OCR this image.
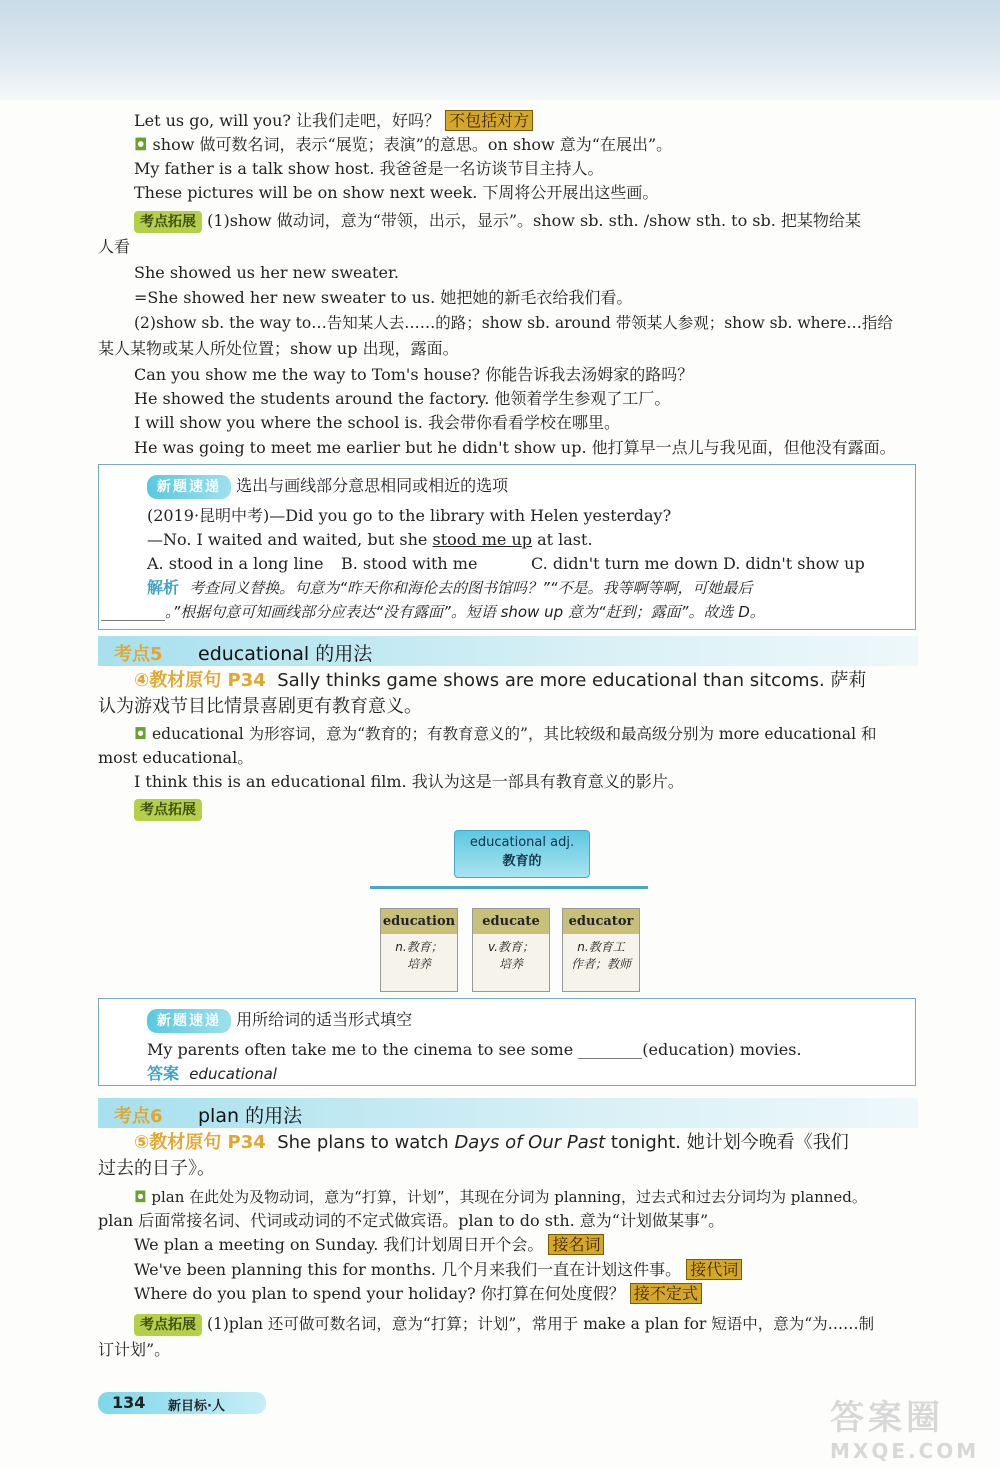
Let us go, will you? 让我们走吧，好吗？ 不包括对方
◘ show 做可数名词，表示“展览；表演”的意思。on show 意为“在展出”。
My father is a talk show host. 我爸爸是一名访谈节目主持人。
These pictures will be on show next week. 下周将公开展出这些画。
考点拓展 (1)show 做动词，意为“带领，出示，显示”。show sb. sth. /show sth. to sb. 把某物给某
人看
She showed us her new sweater.
=She showed her new sweater to us. 她把她的新毛衣给我们看。
(2)show sb. the way to…告知某人去……的路；show sb. around 带领某人参观；show sb. where…指给
某人某物或某人所处位置；show up 出现，露面。
Can you show me the way to Tom's house? 你能告诉我去汤姆家的路吗？
He showed the students around the factory. 他领着学生参观了工厂。
I will show you where the school is. 我会带你看看学校在哪里。
He was going to meet me earlier but he didn't show up. 他打算早一点儿与我见面，但他没有露面。
新题速递 选出与画线部分意思相同或相近的选项
(2019·昆明中考)—Did you go to the library with Helen yesterday?
—No. I waited and waited, but she stood me up at last.
A. stood in a long line B. stood with me	C. didn't turn me down D. didn't show up
解析 考查同义替换。句意为“昨天你和海伦去的图书馆吗？”“不是。我等啊等啊，可她最后
________。”根据句意可知画线部分应表达“没有露面”。短语 show up 意为“赶到；露面”。故选 D。
考点5 educational 的用法
④教材原句 P34 Sally thinks game shows are more educational than sitcoms. 萨莉
认为游戏节目比情景喜剧更有教育意义。
◘ educational 为形容词，意为“教育的；有教育意义的”，其比较级和最高级分别为 more educational 和
most educational。
I think this is an educational film. 我认为这是一部具有教育意义的影片。
考点拓展
educational adj.
教育的
education
n.教育；
培养
educate
v.教育；
培养
educator
n.教育工
作者；教师
新题速递 用所给词的适当形式填空
My parents often take me to the cinema to see some ________(education) movies.
答案 educational
考点6 plan 的用法
⑤教材原句 P34 She plans to watch Days of Our Past tonight. 她计划今晚看《我们
过去的日子》。
◘ plan 在此处为及物动词，意为“打算，计划”，其现在分词为 planning，过去式和过去分词均为 planned。
plan 后面常接名词、代词或动词的不定式做宾语。plan to do sth. 意为“计划做某事”。
We plan a meeting on Sunday. 我们计划周日开个会。 接名词
We've been planning this for months. 几个月来我们一直在计划这件事。 接代词
Where do you plan to spend your holiday? 你打算在何处度假？ 接不定式
考点拓展 (1)plan 还可做可数名词，意为“打算；计划”，常用于 make a plan for 短语中，意为“为……制
订计划”。
134 新目标·人	答案圈
MXQE.COM
